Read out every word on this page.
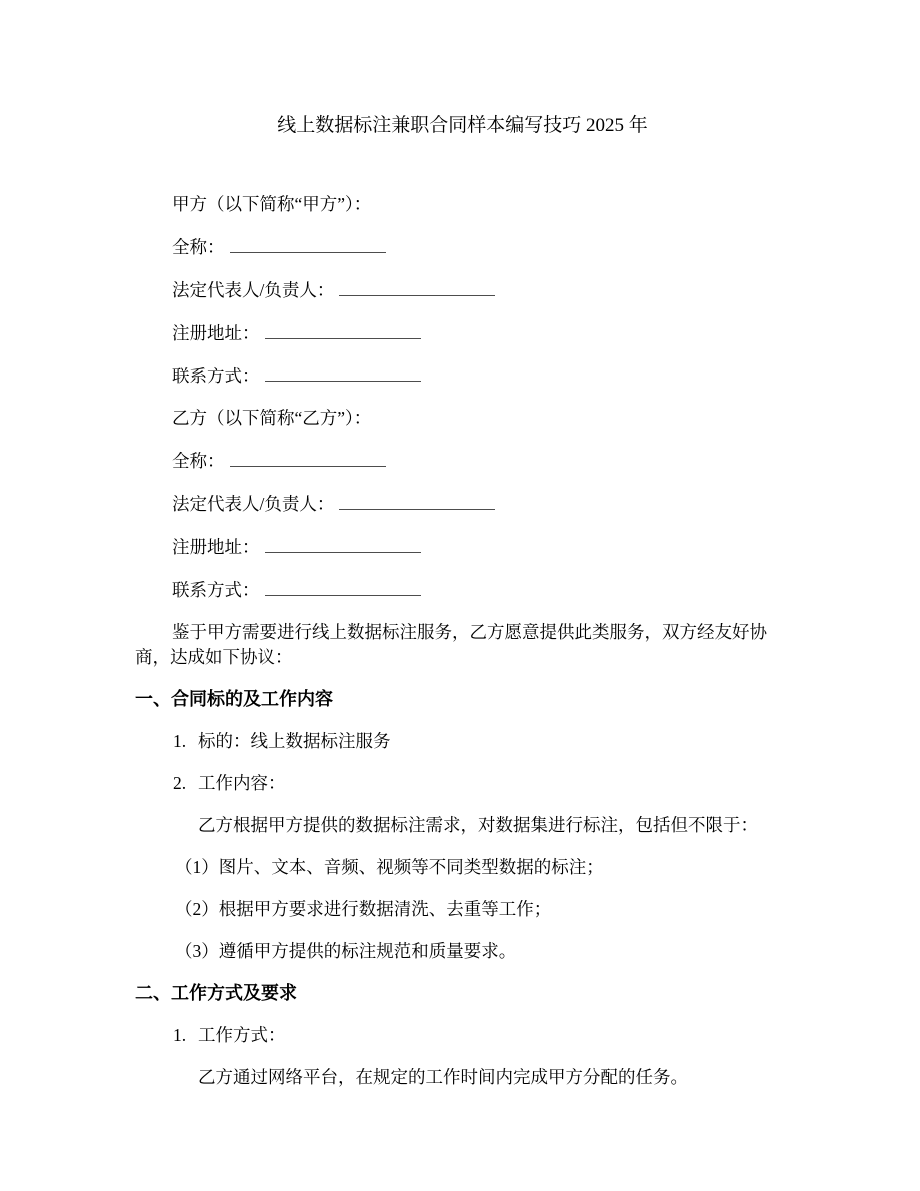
线上数据标注兼职合同样本编写技巧 2025 年

甲方（以下简称“甲方”）：

全称：

法定代表人/负责人：

注册地址：

联系方式：

乙方（以下简称“乙方”）：

全称：

法定代表人/负责人：

注册地址：

联系方式：

鉴于甲方需要进行线上数据标注服务，乙方愿意提供此类服务，双方经友好协
商，达成如下协议：

一、合同标的及工作内容

1. 标的：线上数据标注服务

2. 工作内容：

乙方根据甲方提供的数据标注需求，对数据集进行标注，包括但不限于：

（1）图片、文本、音频、视频等不同类型数据的标注；

（2）根据甲方要求进行数据清洗、去重等工作；

（3）遵循甲方提供的标注规范和质量要求。

二、工作方式及要求

1. 工作方式：

乙方通过网络平台，在规定的工作时间内完成甲方分配的任务。
